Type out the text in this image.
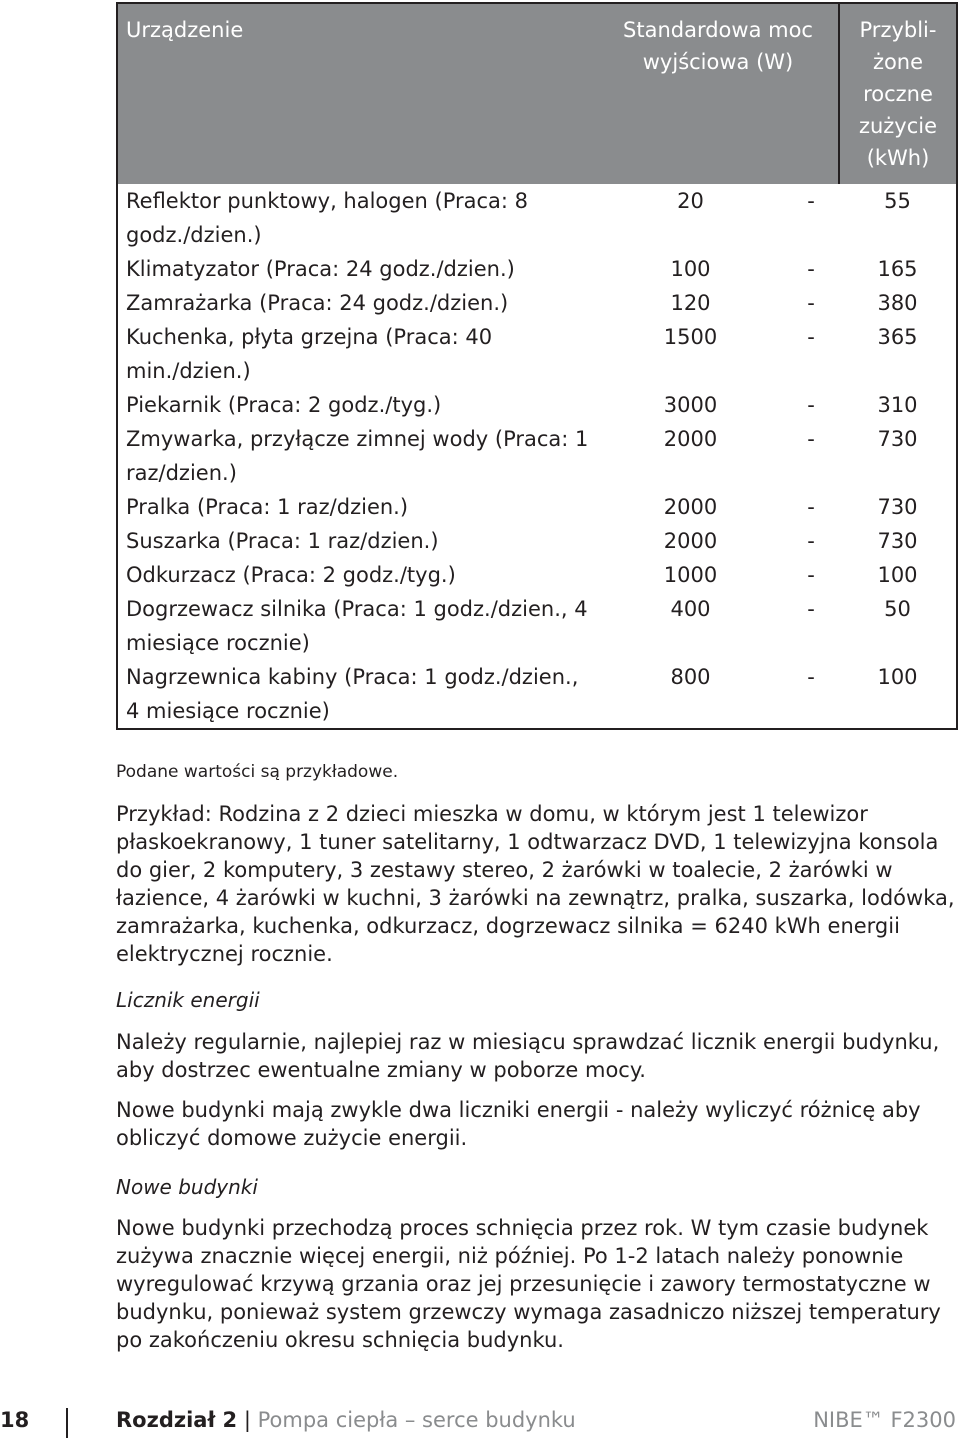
Urządzenie	Standardowa moc wyjściowa (W)		Przybli-żone roczne zużycie (kWh)
Reflektor punktowy, halogen (Praca: 8 godz./dzien.)	20	-	55
Klimatyzator (Praca: 24 godz./dzien.)	100	-	165
Zamrażarka (Praca: 24 godz./dzien.)	120	-	380
Kuchenka, płyta grzejna (Praca: 40 min./dzien.)	1500	-	365
Piekarnik (Praca: 2 godz./tyg.)	3000	-	310
Zmywarka, przyłącze zimnej wody (Praca: 1 raz/dzien.)	2000	-	730
Pralka (Praca: 1 raz/dzien.)	2000	-	730
Suszarka (Praca: 1 raz/dzien.)	2000	-	730
Odkurzacz (Praca: 2 godz./tyg.)	1000	-	100
Dogrzewacz silnika (Praca: 1 godz./dzien., 4 miesiące rocznie)	400	-	50
Nagrzewnica kabiny (Praca: 1 godz./dzien., 4 miesiące rocznie)	800	-	100
Podane wartości są przykładowe.

Przykład: Rodzina z 2 dzieci mieszka w domu, w którym jest 1 telewizor płaskoekranowy, 1 tuner satelitarny, 1 odtwarzacz DVD, 1 telewizyjna konsola do gier, 2 komputery, 3 zestawy stereo, 2 żarówki w toalecie, 2 żarówki w łazience, 4 żarówki w kuchni, 3 żarówki na zewnątrz, pralka, suszarka, lodówka, zamrażarka, kuchenka, odkurzacz, dogrzewacz silnika = 6240 kWh energii elektrycznej rocznie.

Licznik energii

Należy regularnie, najlepiej raz w miesiącu sprawdzać licznik energii budynku, aby dostrzec ewentualne zmiany w poborze mocy.

Nowe budynki mają zwykle dwa liczniki energii - należy wyliczyć różnicę aby obliczyć domowe zużycie energii.

Nowe budynki

Nowe budynki przechodzą proces schnięcia przez rok. W tym czasie budynek zużywa znacznie więcej energii, niż później. Po 1-2 latach należy ponownie wyregulować krzywą grzania oraz jej przesunięcie i zawory termostatyczne w budynku, ponieważ system grzewczy wymaga zasadniczo niższej temperatury po zakończeniu okresu schnięcia budynku.

18	Rozdział 2 | Pompa ciepła – serce budynku	NIBE™ F2300
